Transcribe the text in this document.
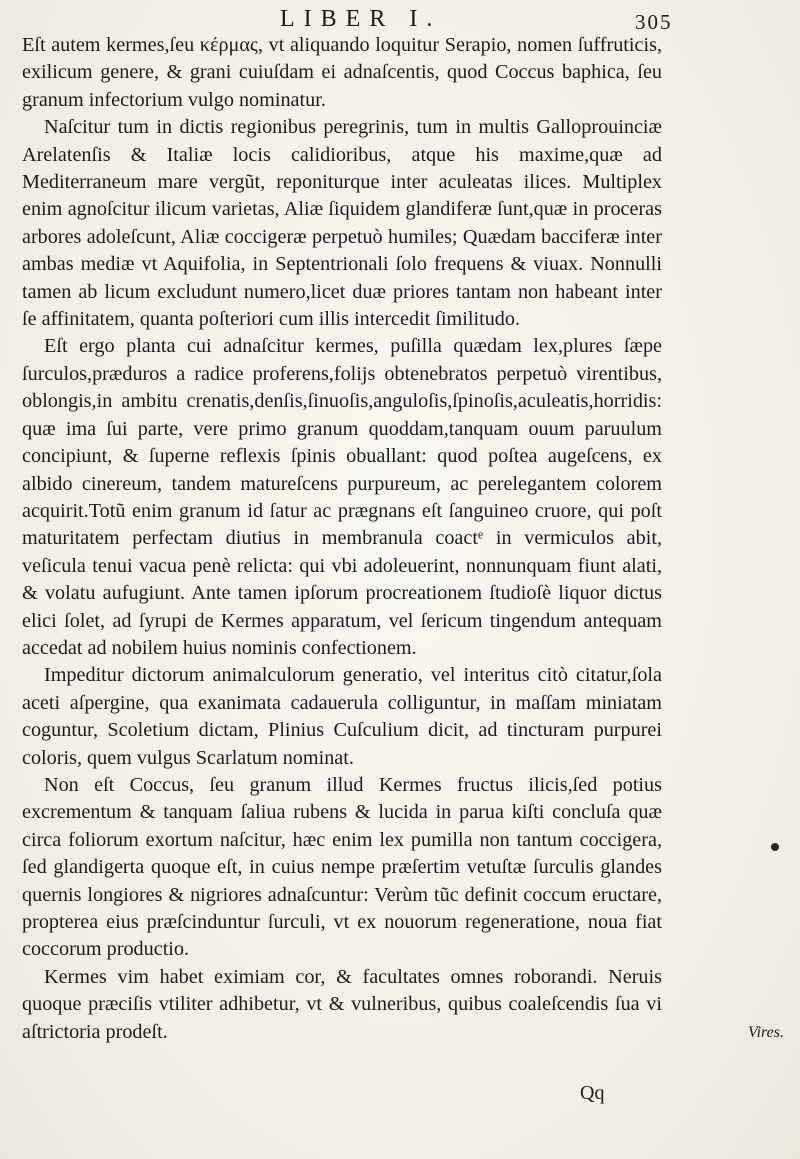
LIBER I.	305

Eſt autem kermes,ſeu κέρμας, vt aliquando loquitur Serapio, nomen ſuffruticis, exilicum genere, & grani cuiuſdam ei adnaſcentis, quod Coccus baphica, ſeu granum infectorium vulgo nominatur.

Naſcitur tum in dictis regionibus peregrinis, tum in multis Galloprouinciæ Arelatenſis & Italiæ locis calidioribus, atque his maxime,quæ ad Mediterraneum mare vergũt, reponiturque inter aculeatas ilices. Multiplex enim agnoſcitur ilicum varietas, Aliæ ſiquidem glandiferæ ſunt,quæ in proceras arbores adoleſcunt, Aliæ coccigeræ perpetuò humiles; Quædam bacciferæ inter ambas mediæ vt Aquifolia, in Septentrionali ſolo frequens & viuax. Nonnulli tamen ab licum excludunt numero,licet duæ priores tantam non habeant inter ſe affinitatem, quanta poſteriori cum illis intercedit ſimilitudo.

Eſt ergo planta cui adnaſcitur kermes, puſilla quædam lex,plures ſæpe ſurculos,prædurοs a radice proferens,folijs obtenebratos perpetuò virentibus, oblongis,in ambitu crenatis,denſis,ſinuoſis,anguloſis,ſpinoſis,aculeatis,horridis: quæ ima ſui parte, vere primo granum quoddam,tanquam ouum paruulum concipiunt, & ſuperne reflexis ſpinis obuallant: quod poſtea augeſcens, ex albido cinereum, tandem matureſcens purpureum, ac perelegantem colorem acquirit.Totũ enim granum id ſatur ac prægnans eſt ſanguineo cruore, qui poſt maturitatem perfectam diutius in membranula coactᵉ in vermiculos abit, veſicula tenui vacua penè relicta: qui vbi adoleuerint, nonnunquam fiunt alati, & volatu aufugiunt. Ante tamen ipſorum procreationem ſtudioſè liquor dictus elici ſolet, ad ſyrupi de Kermes apparatum, vel ſericum tingendum antequam accedat ad nobilem huius nominis confectionem.

Impeditur dictorum animalculorum generatio, vel interitus citò citatur,ſola aceti aſpergine, qua exanimata cadauerula colliguntur, in maſſam miniatam coguntur, Scoletium dictam, Plinius Cuſculium dicit, ad tincturam purpurei coloris, quem vulgus Scarlatum nominat.

Non eſt Coccus, ſeu granum illud Kermes fructus ilicis,ſed potius excrementum & tanquam ſaliua rubens & lucida in parua kiſti concluſa quæ circa foliorum exortum naſcitur, hæc enim lex pumilla non tantum coccigera, ſed glandigerta quoque eſt, in cuius nempe præſertim vetuſtæ ſurculis glandes quernis longiores & nigriores adnaſcuntur: Verùm tũc definit coccum eructare, propterea eius præſcinduntur ſurculi, vt ex nouorum regeneratione, noua fiat coccorum productio.

Kermes vim habet eximiam cor, & facultates omnes roborandi. Neruis quoque præciſis vtiliter adhibetur, vt & vulneribus, quibus coaleſcendis ſua vi aſtrictoria prodeſt.	Vires.
Qq
